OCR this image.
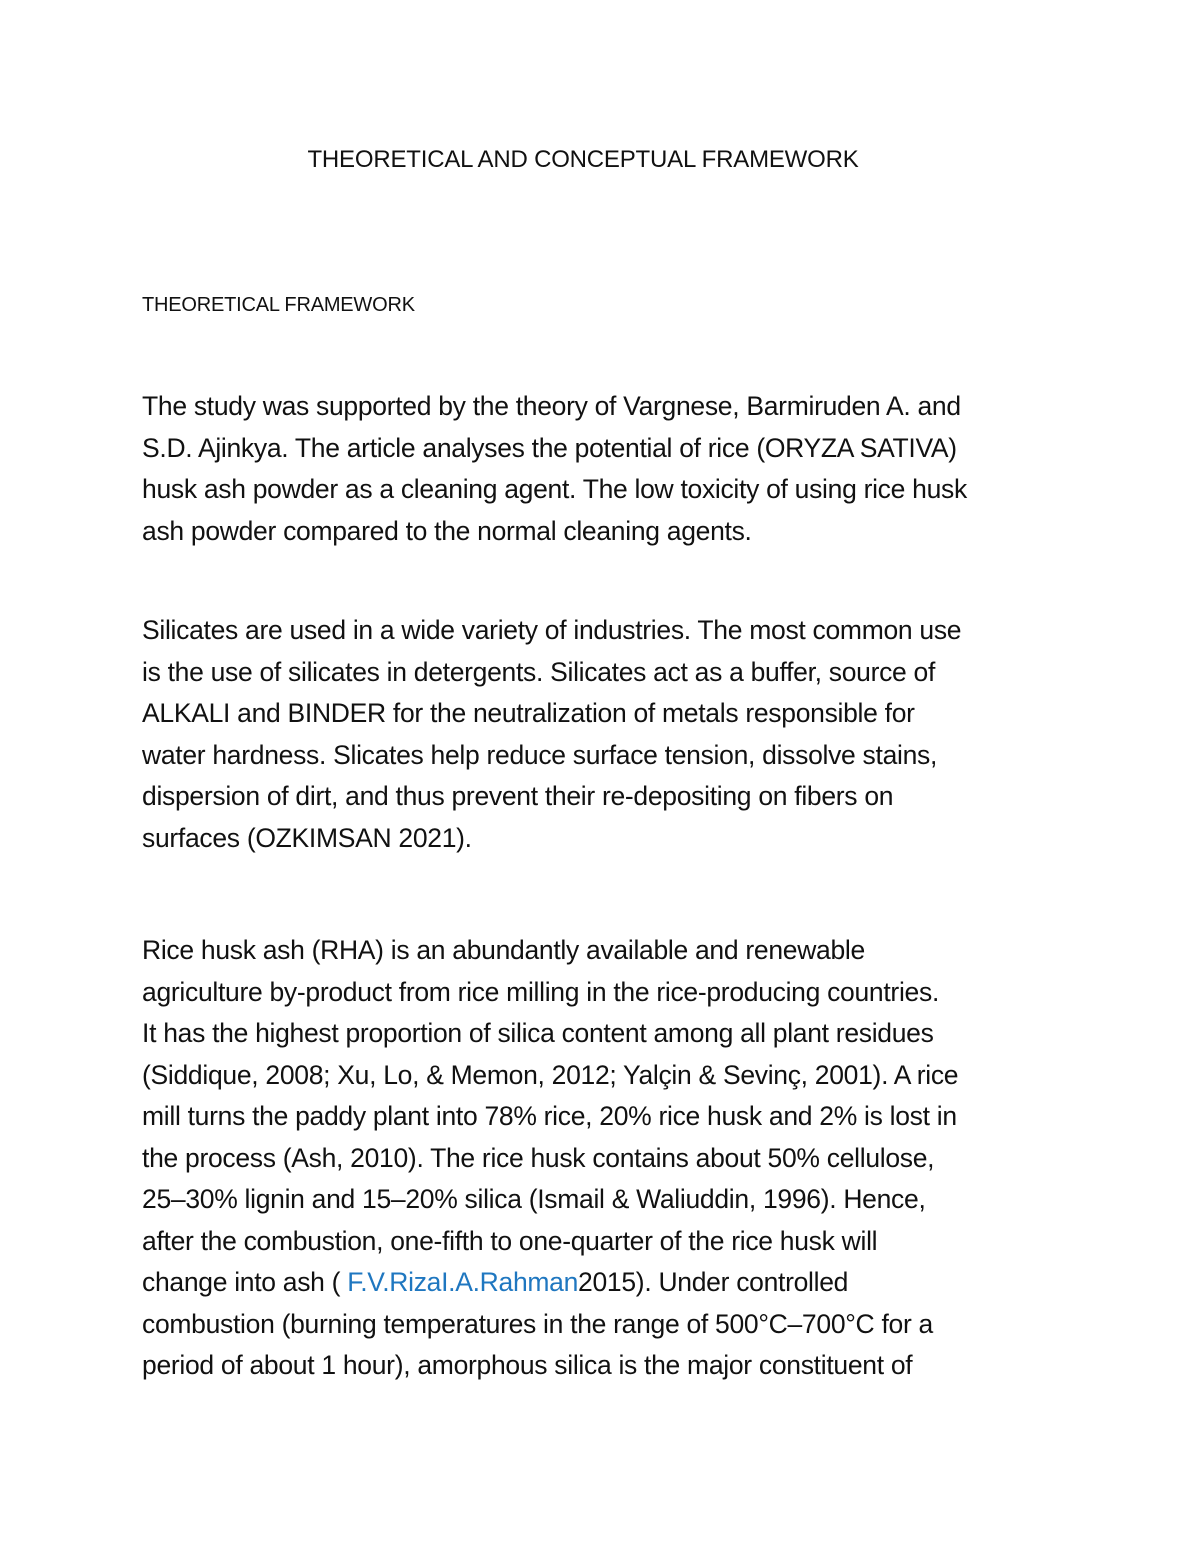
THEORETICAL AND CONCEPTUAL FRAMEWORK
THEORETICAL FRAMEWORK

The study was supported by the theory of Vargnese, Barmiruden A. and
S.D. Ajinkya. The article analyses the potential of rice (ORYZA SATIVA)
husk ash powder as a cleaning agent. The low toxicity of using rice husk
ash powder compared to the normal cleaning agents.

Silicates are used in a wide variety of industries. The most common use
is the use of silicates in detergents. Silicates act as a buffer, source of
ALKALI and BINDER for the neutralization of metals responsible for
water hardness. Slicates help reduce surface tension, dissolve stains,
dispersion of dirt, and thus prevent their re-depositing on fibers on
surfaces (OZKIMSAN 2021).

Rice husk ash (RHA) is an abundantly available and renewable
agriculture by-product from rice milling in the rice-producing countries.
It has the highest proportion of silica content among all plant residues
(Siddique, 2008; Xu, Lo, & Memon, 2012; Yalçin & Sevinç, 2001). A rice
mill turns the paddy plant into 78% rice, 20% rice husk and 2% is lost in
the process (Ash, 2010). The rice husk contains about 50% cellulose,
25–30% lignin and 15–20% silica (Ismail & Waliuddin, 1996). Hence,
after the combustion, one-fifth to one-quarter of the rice husk will
change into ash ( F.V.RizaI.A.Rahman2015). Under controlled
combustion (burning temperatures in the range of 500°C–700°C for a
period of about 1 hour), amorphous silica is the major constituent of
